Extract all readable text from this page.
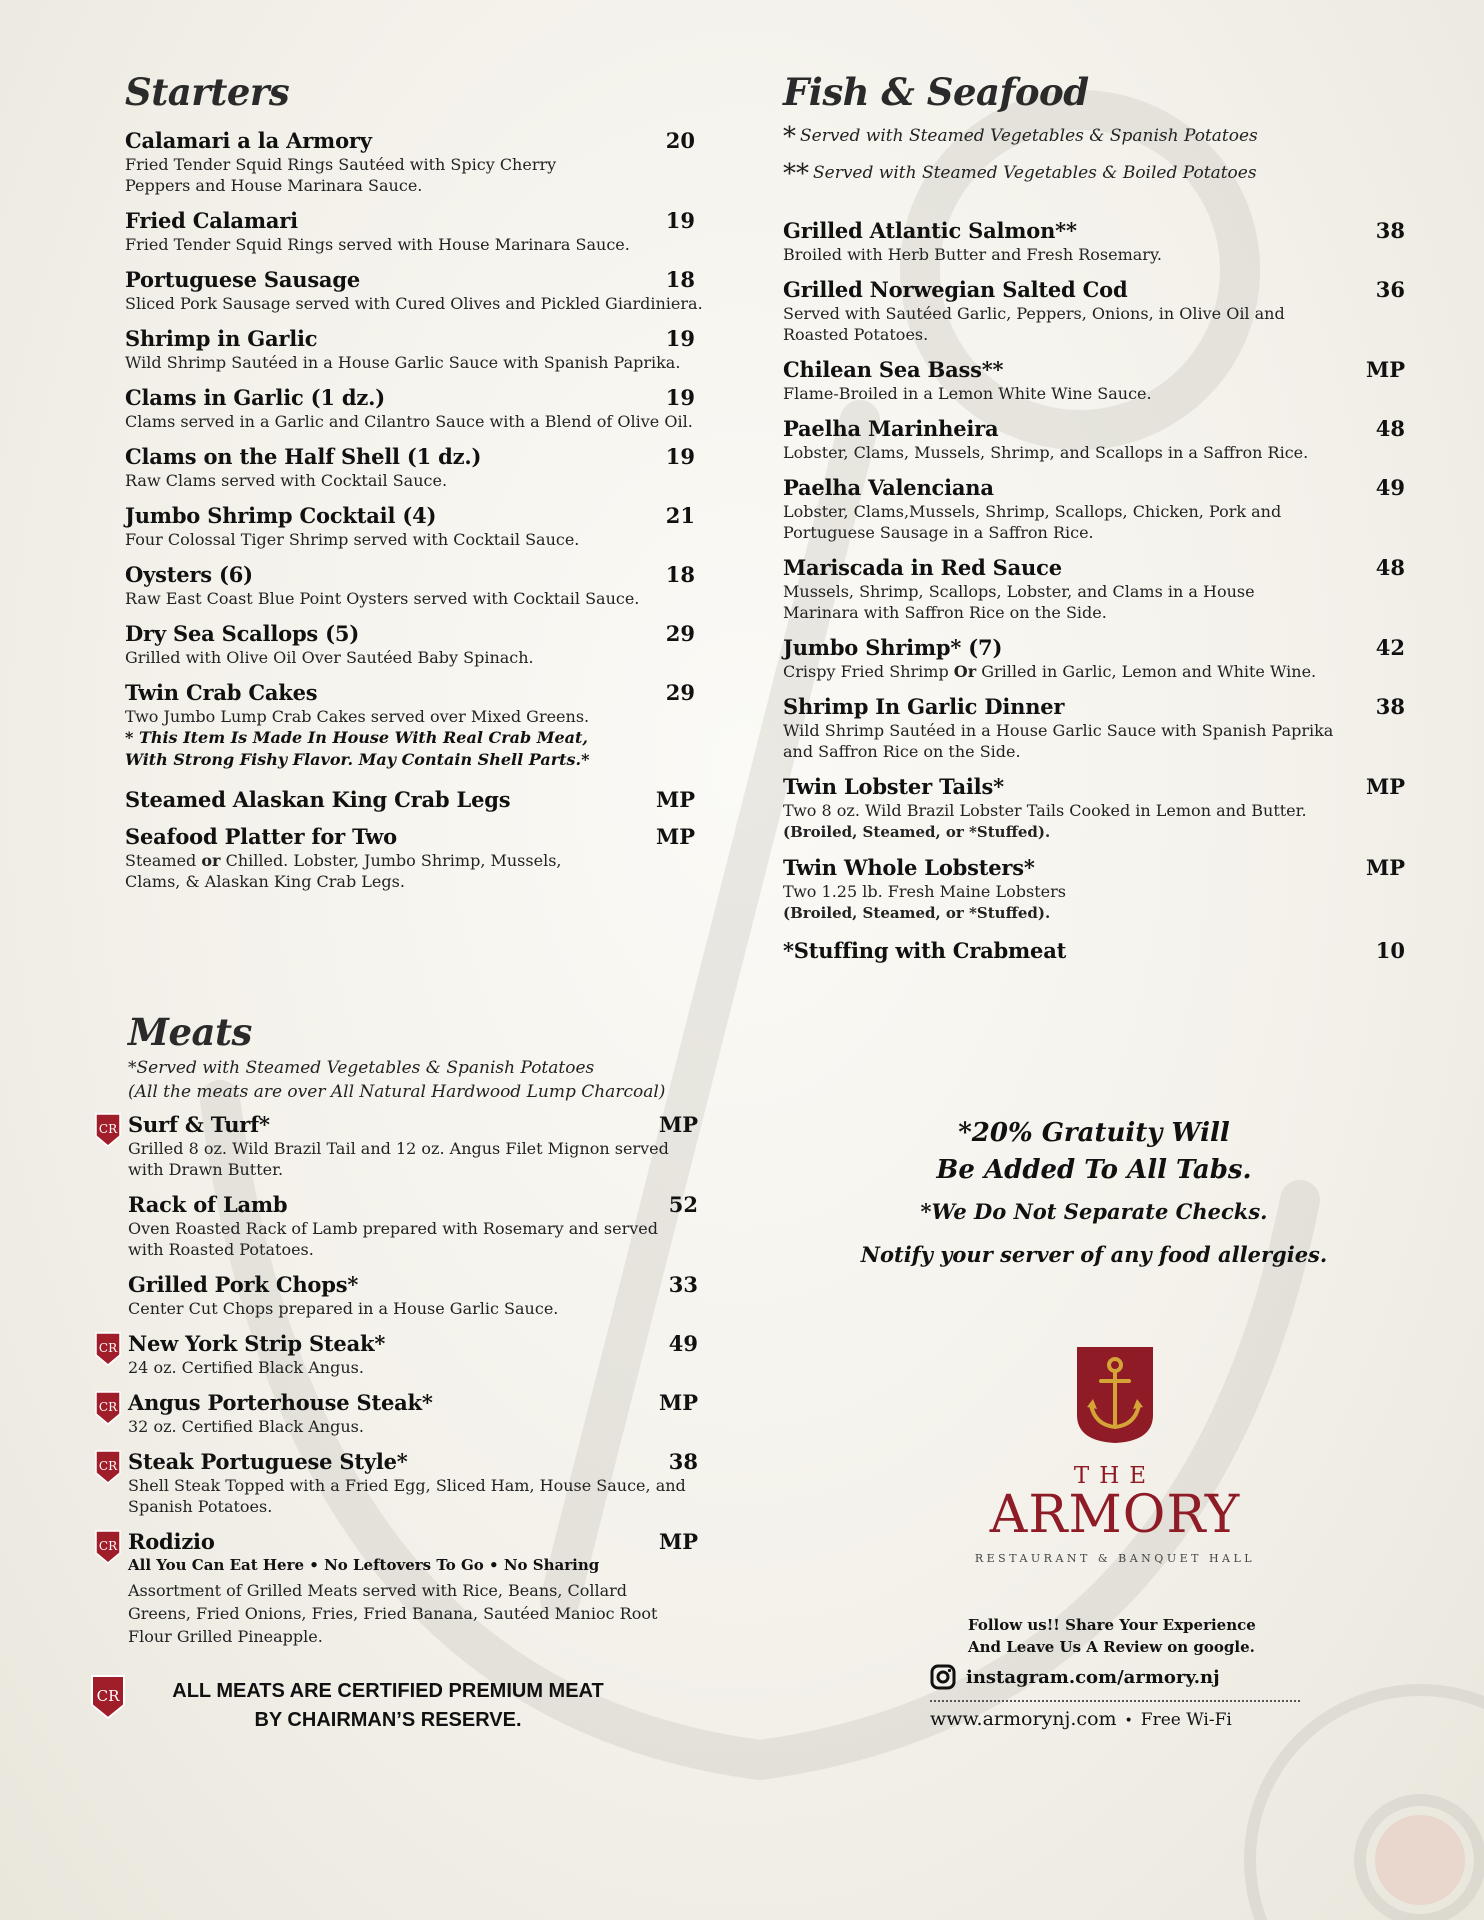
Starters
Calamari a la Armory	20
Fried Tender Squid Rings Sautéed with Spicy Cherry Peppers and House Marinara Sauce.
Fried Calamari	19
Fried Tender Squid Rings served with House Marinara Sauce.
Portuguese Sausage	18
Sliced Pork Sausage served with Cured Olives and Pickled Giardiniera.
Shrimp in Garlic	19
Wild Shrimp Sautéed in a House Garlic Sauce with Spanish Paprika.
Clams in Garlic (1 dz.)	19
Clams served in a Garlic and Cilantro Sauce with a Blend of Olive Oil.
Clams on the Half Shell (1 dz.)	19
Raw Clams served with Cocktail Sauce.
Jumbo Shrimp Cocktail (4)	21
Four Colossal Tiger Shrimp served with Cocktail Sauce.
Oysters (6)	18
Raw East Coast Blue Point Oysters served with Cocktail Sauce.
Dry Sea Scallops (5)	29
Grilled with Olive Oil Over Sautéed Baby Spinach.
Twin Crab Cakes	29
Two Jumbo Lump Crab Cakes served over Mixed Greens.
* This Item Is Made In House With Real Crab Meat,
With Strong Fishy Flavor. May Contain Shell Parts.*
Steamed Alaskan King Crab Legs	MP
Seafood Platter for Two	MP
Steamed or Chilled. Lobster, Jumbo Shrimp, Mussels, Clams, & Alaskan King Crab Legs.
Meats

*Served with Steamed Vegetables & Spanish Potatoes

(All the meats are over All Natural Hardwood Lump Charcoal)

CR Surf & Turf*	MP
Grilled 8 oz. Wild Brazil Tail and 12 oz. Angus Filet Mignon served with Drawn Butter.
Rack of Lamb	52
Oven Roasted Rack of Lamb prepared with Rosemary and served with Roasted Potatoes.
Grilled Pork Chops*	33
Center Cut Chops prepared in a House Garlic Sauce.
CR New York Strip Steak*	49
24 oz. Certified Black Angus.
CR Angus Porterhouse Steak*	MP
32 oz. Certified Black Angus.
CR Steak Portuguese Style*	38
Shell Steak Topped with a Fried Egg, Sliced Ham, House Sauce, and Spanish Potatoes.
CR Rodizio	MP
All You Can Eat Here • No Leftovers To Go • No Sharing
Assortment of Grilled Meats served with Rice, Beans, Collard Greens, Fried Onions, Fries, Fried Banana, Sautéed Manioc Root Flour Grilled Pineapple.
CR	ALL MEATS ARE CERTIFIED PREMIUM MEAT
BY CHAIRMAN’S RESERVE.
Fish & Seafood

* Served with Steamed Vegetables & Spanish Potatoes

** Served with Steamed Vegetables & Boiled Potatoes

Grilled Atlantic Salmon**	38
Broiled with Herb Butter and Fresh Rosemary.
Grilled Norwegian Salted Cod	36
Served with Sautéed Garlic, Peppers, Onions, in Olive Oil and Roasted Potatoes.
Chilean Sea Bass**	MP
Flame-Broiled in a Lemon White Wine Sauce.
Paelha Marinheira	48
Lobster, Clams, Mussels, Shrimp, and Scallops in a Saffron Rice.
Paelha Valenciana	49
Lobster, Clams,Mussels, Shrimp, Scallops, Chicken, Pork and Portuguese Sausage in a Saffron Rice.
Mariscada in Red Sauce	48
Mussels, Shrimp, Scallops, Lobster, and Clams in a House Marinara with Saffron Rice on the Side.
Jumbo Shrimp* (7)	42
Crispy Fried Shrimp Or Grilled in Garlic, Lemon and White Wine.
Shrimp In Garlic Dinner	38
Wild Shrimp Sautéed in a House Garlic Sauce with Spanish Paprika and Saffron Rice on the Side.
Twin Lobster Tails*	MP
Two 8 oz. Wild Brazil Lobster Tails Cooked in Lemon and Butter.
(Broiled, Steamed, or *Stuffed).
Twin Whole Lobsters*	MP
Two 1.25 lb. Fresh Maine Lobsters
(Broiled, Steamed, or *Stuffed).
*Stuffing with Crabmeat	10
*20% Gratuity Will
Be Added To All Tabs.
*We Do Not Separate Checks.
Notify your server of any food allergies.
THE
ARMORY
RESTAURANT & BANQUET HALL
Follow us!! Share Your Experience
And Leave Us A Review on google.
instagram.com/armory.nj
www.armorynj.com • Free Wi-Fi
